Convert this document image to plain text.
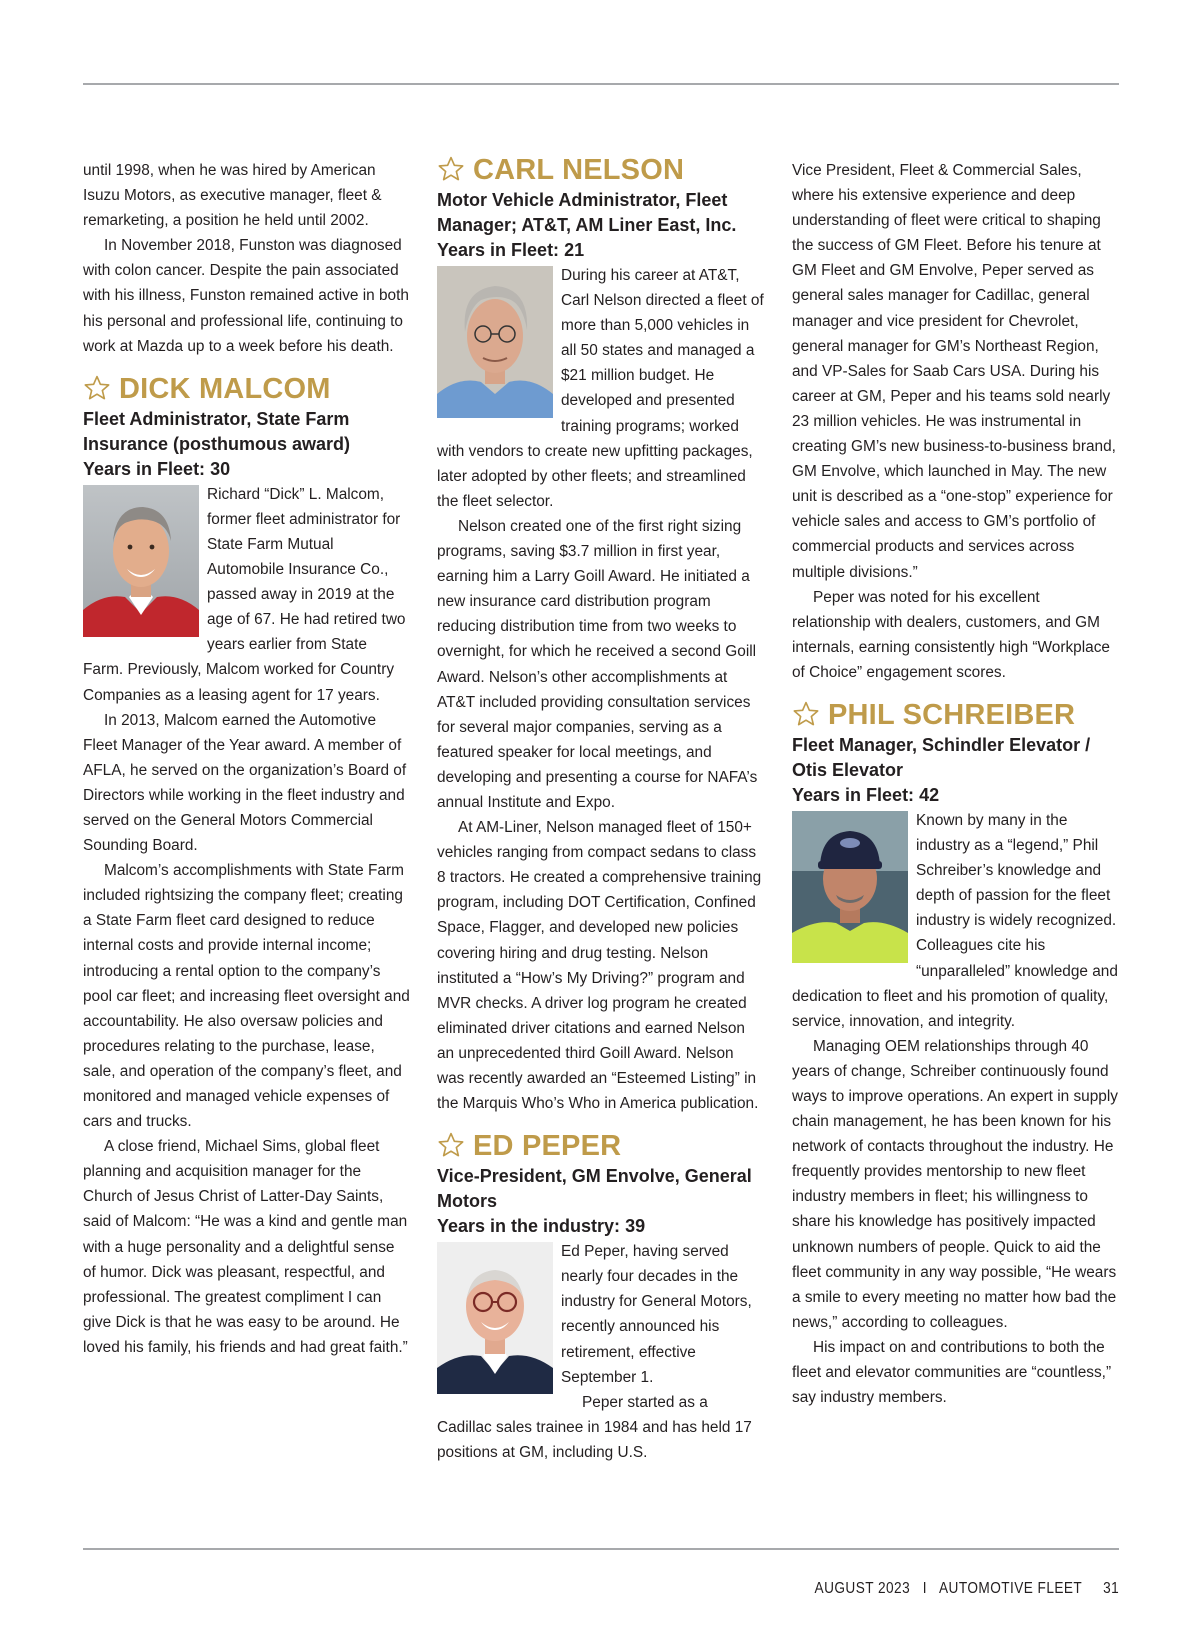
until 1998, when he was hired by American Isuzu Motors, as executive manager, fleet & remarketing, a position he held until 2002.

In November 2018, Funston was diagnosed with colon cancer. Despite the pain associated with his illness, Funston remained active in both his personal and professional life, continuing to work at Mazda up to a week before his death.

DICK MALCOM

Fleet Administrator, State Farm Insurance (posthumous award)

Years in Fleet: 30

Richard “Dick” L. Malcom, former fleet administrator for State Farm Mutual Automobile Insurance Co., passed away in 2019 at the age of 67. He had retired two years earlier from State Farm. Previously, Malcom worked for Country Companies as a leasing agent for 17 years.

In 2013, Malcom earned the Automotive Fleet Manager of the Year award. A member of AFLA, he served on the organization’s Board of Directors while working in the fleet industry and served on the General Motors Commercial Sounding Board.

Malcom’s accomplishments with State Farm included rightsizing the company fleet; creating a State Farm fleet card designed to reduce internal costs and provide internal income; introducing a rental option to the company’s pool car fleet; and increasing fleet oversight and accountability. He also oversaw policies and procedures relating to the purchase, lease, sale, and operation of the company’s fleet, and monitored and managed vehicle expenses of cars and trucks.

A close friend, Michael Sims, global fleet planning and acquisition manager for the Church of Jesus Christ of Latter-Day Saints, said of Malcom: “He was a kind and gentle man with a huge personality and a delightful sense of humor. Dick was pleasant, respectful, and professional. The greatest compliment I can give Dick is that he was easy to be around. He loved his family, his friends and had great faith.”

CARL NELSON

Motor Vehicle Administrator, Fleet Manager; AT&T, AM Liner East, Inc.

Years in Fleet: 21

During his career at AT&T, Carl Nelson directed a fleet of more than 5,000 vehicles in all 50 states and managed a $21 million budget. He developed and presented training programs; worked with vendors to create new upfitting packages, later adopted by other fleets; and streamlined the fleet selector.

Nelson created one of the first right sizing programs, saving $3.7 million in first year, earning him a Larry Goill Award. He initiated a new insurance card distribution program reducing distribution time from two weeks to overnight, for which he received a second Goill Award. Nelson’s other accomplishments at AT&T included providing consultation services for several major companies, serving as a featured speaker for local meetings, and developing and presenting a course for NAFA’s annual Institute and Expo.

At AM-Liner, Nelson managed fleet of 150+ vehicles ranging from compact sedans to class 8 tractors. He created a comprehensive training program, including DOT Certification, Confined Space, Flagger, and developed new policies covering hiring and drug testing. Nelson instituted a “How’s My Driving?” program and MVR checks. A driver log program he created eliminated driver citations and earned Nelson an unprecedented third Goill Award. Nelson was recently awarded an “Esteemed Listing” in the Marquis Who’s Who in America publication.

ED PEPER

Vice-President, GM Envolve, General Motors

Years in the industry: 39

Ed Peper, having served nearly four decades in the industry for General Motors, recently announced his retirement, effective September 1.

Peper started as a Cadillac sales trainee in 1984 and has held 17 positions at GM, including U.S.

Vice President, Fleet & Commercial Sales, where his extensive experience and deep understanding of fleet were critical to shaping the success of GM Fleet. Before his tenure at GM Fleet and GM Envolve, Peper served as general sales manager for Cadillac, general manager and vice president for Chevrolet, general manager for GM’s Northeast Region, and VP-Sales for Saab Cars USA. During his career at GM, Peper and his teams sold nearly 23 million vehicles. He was instrumental in creating GM’s new business-to-business brand, GM Envolve, which launched in May. The new unit is described as a “one-stop” experience for vehicle sales and access to GM’s portfolio of commercial products and services across multiple divisions.”

Peper was noted for his excellent relationship with dealers, customers, and GM internals, earning consistently high “Workplace of Choice” engagement scores.

PHIL SCHREIBER

Fleet Manager, Schindler Elevator / Otis Elevator

Years in Fleet: 42

Known by many in the industry as a “legend,” Phil Schreiber’s knowledge and depth of passion for the fleet industry is widely recognized. Colleagues cite his “unparalleled” knowledge and dedication to fleet and his promotion of quality, service, innovation, and integrity.

Managing OEM relationships through 40 years of change, Schreiber continuously found ways to improve operations. An expert in supply chain management, he has been known for his network of contacts throughout the industry. He frequently provides mentorship to new fleet industry members in fleet; his willingness to share his knowledge has positively impacted unknown numbers of people. Quick to aid the fleet community in any way possible, “He wears a smile to every meeting no matter how bad the news,” according to colleagues.

His impact on and contributions to both the fleet and elevator communities are “countless,” say industry members.

AUGUST 2023 I AUTOMOTIVE FLEET 31
